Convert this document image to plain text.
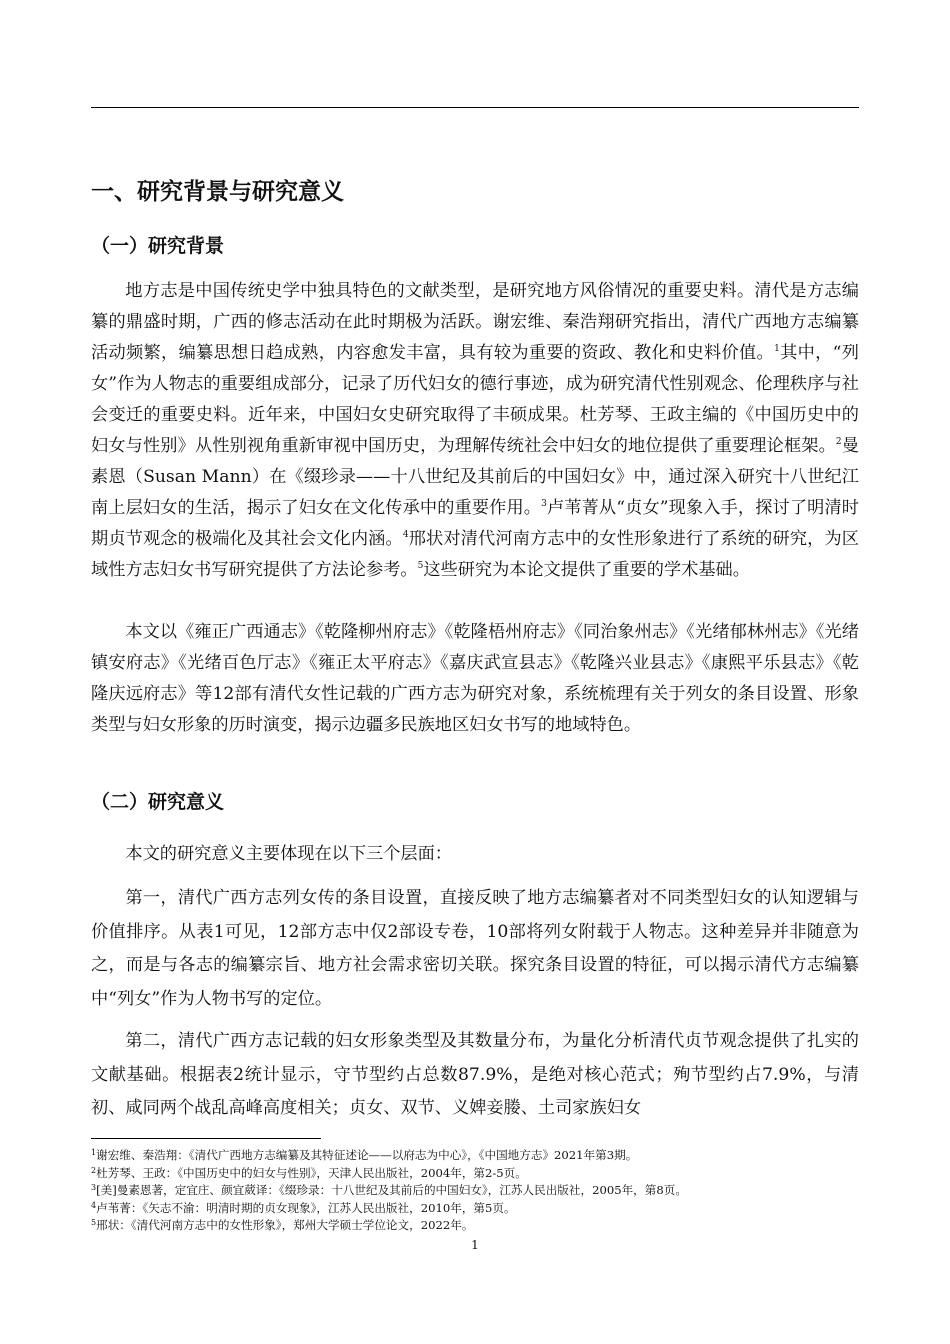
一、研究背景与研究意义
（一）研究背景

地方志是中国传统史学中独具特色的文献类型，是研究地方风俗情况的重要史料。清代是方志编纂的鼎盛时期，广西的修志活动在此时期极为活跃。谢宏维、秦浩翔研究指出，清代广西地方志编纂活动频繁，编纂思想日趋成熟，内容愈发丰富，具有较为重要的资政、教化和史料价值。$^1$其中，“列女”作为人物志的重要组成部分，记录了历代妇女的德行事迹，成为研究清代性别观念、伦理秩序与社会变迁的重要史料。近年来，中国妇女史研究取得了丰硕成果。杜芳琴、王政主编的《中国历史中的妇女与性别》从性别视角重新审视中国历史，为理解传统社会中妇女的地位提供了重要理论框架。$^2$曼素恩（Susan Mann）在《缀珍录——十八世纪及其前后的中国妇女》中，通过深入研究十八世纪江南上层妇女的生活，揭示了妇女在文化传承中的重要作用。$^3$卢苇菁从“贞女”现象入手，探讨了明清时期贞节观念的极端化及其社会文化内涵。$^4$邢状对清代河南方志中的女性形象进行了系统的研究，为区域性方志妇女书写研究提供了方法论参考。$^5$这些研究为本论文提供了重要的学术基础。

本文以《雍正广西通志》《乾隆柳州府志》《乾隆梧州府志》《同治象州志》《光绪郁林州志》《光绪镇安府志》《光绪百色厅志》《雍正太平府志》《嘉庆武宣县志》《乾隆兴业县志》《康熙平乐县志》《乾隆庆远府志》等12部有清代女性记载的广西方志为研究对象，系统梳理有关于列女的条目设置、形象类型与妇女形象的历时演变，揭示边疆多民族地区妇女书写的地域特色。

（二）研究意义

本文的研究意义主要体现在以下三个层面：

第一，清代广西方志列女传的条目设置，直接反映了地方志编纂者对不同类型妇女的认知逻辑与价值排序。从表1可见，12部方志中仅2部设专卷，10部将列女附载于人物志。这种差异并非随意为之，而是与各志的编纂宗旨、地方社会需求密切关联。探究条目设置的特征，可以揭示清代方志编纂中“列女”作为人物书写的定位。

第二，清代广西方志记载的妇女形象类型及其数量分布，为量化分析清代贞节观念提供了扎实的文献基础。根据表2统计显示，守节型约占总数87.9%，是绝对核心范式；殉节型约占7.9%，与清初、咸同两个战乱高峰高度相关；贞女、双节、义婢妾媵、土司家族妇女

$^1$谢宏维、秦浩翔：《清代广西地方志编纂及其特征述论——以府志为中心》，《中国地方志》2021年第3期。
$^2$杜芳琴、王政：《中国历史中的妇女与性别》，天津人民出版社，2004年，第2-5页。
$^3$[美]曼素恩著，定宜庄、颜宜葳译：《缀珍录：十八世纪及其前后的中国妇女》，江苏人民出版社，2005年，第8页。
$^4$卢苇菁：《矢志不渝：明清时期的贞女现象》，江苏人民出版社，2010年，第5页。
$^5$邢状：《清代河南方志中的女性形象》，郑州大学硕士学位论文，2022年。
1
